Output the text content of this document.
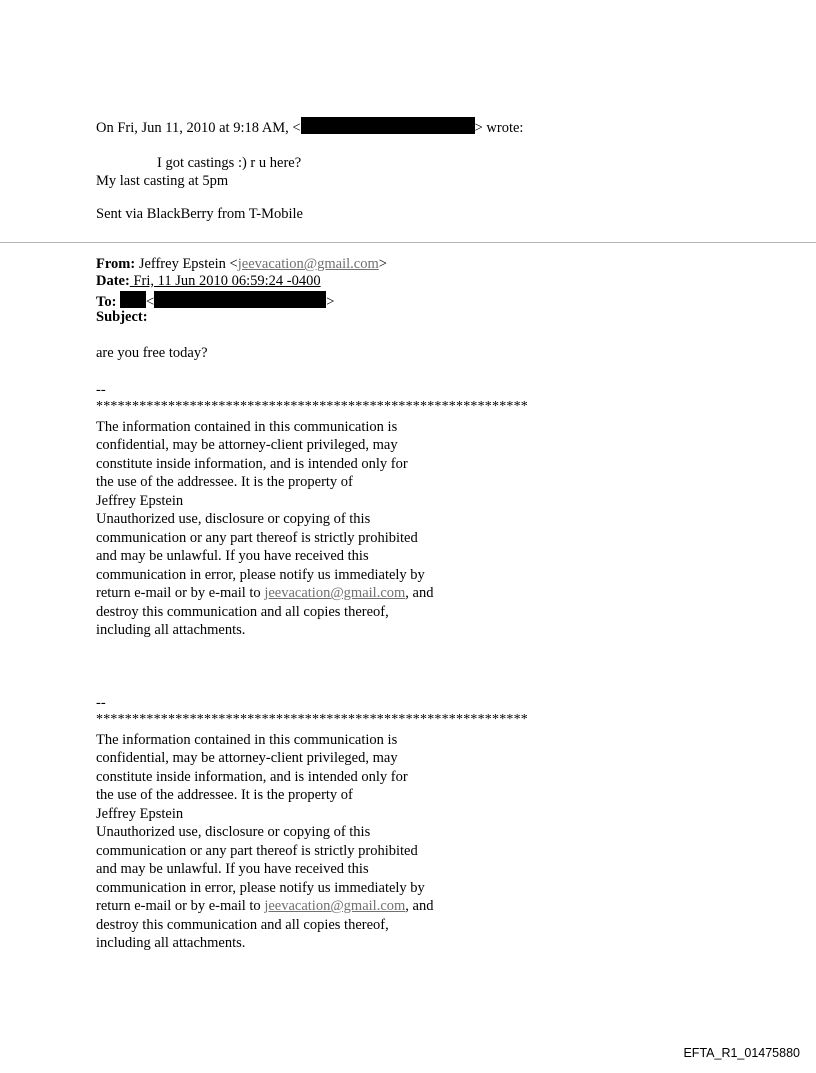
On Fri, Jun 11, 2010 at 9:18 AM, <	> wrote:
I got castings :) r u here?
My last casting at 5pm
Sent via BlackBerry from T-Mobile
From: Jeffrey Epstein <jeevacation@gmail.com>
Date: Fri, 11 Jun 2010 06:59:24 -0400
To: <	>
Subject:
are you free today?
--
************************************************************
The information contained in this communication is
confidential, may be attorney-client privileged, may
constitute inside information, and is intended only for
the use of the addressee. It is the property of
Jeffrey Epstein
Unauthorized use, disclosure or copying of this
communication or any part thereof is strictly prohibited
and may be unlawful. If you have received this
communication in error, please notify us immediately by
return e-mail or by e-mail to jeevacation@gmail.com, and
destroy this communication and all copies thereof,
including all attachments.
--
************************************************************
The information contained in this communication is
confidential, may be attorney-client privileged, may
constitute inside information, and is intended only for
the use of the addressee. It is the property of
Jeffrey Epstein
Unauthorized use, disclosure or copying of this
communication or any part thereof is strictly prohibited
and may be unlawful. If you have received this
communication in error, please notify us immediately by
return e-mail or by e-mail to jeevacation@gmail.com, and
destroy this communication and all copies thereof,
including all attachments.
EFTA_R1_01475880
